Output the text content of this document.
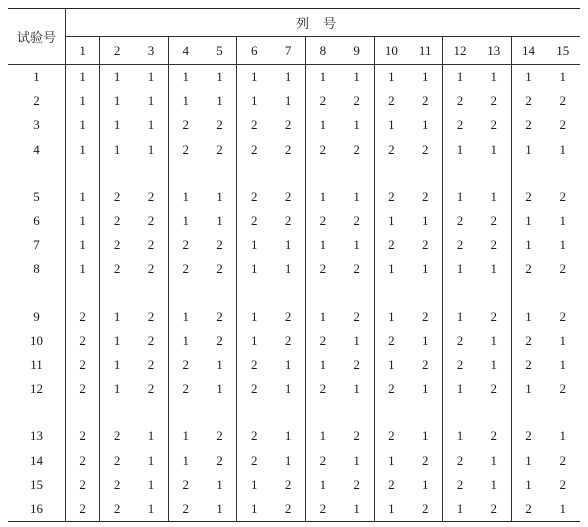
试验号	列号														
	1	2	3	4	5	6	7	8	9	10	11	12	13	14	15
1	1	1	1	1	1	1	1	1	1	1	1	1	1	1	1
2	1	1	1	1	1	1	1	2	2	2	2	2	2	2	2
3	1	1	1	2	2	2	2	1	1	1	1	2	2	2	2
4	1	1	1	2	2	2	2	2	2	2	2	1	1	1	1

5	1	2	2	1	1	2	2	1	1	2	2	1	1	2	2
6	1	2	2	1	1	2	2	2	2	1	1	2	2	1	1
7	1	2	2	2	2	1	1	1	1	2	2	2	2	1	1
8	1	2	2	2	2	1	1	2	2	1	1	1	1	2	2

9	2	1	2	1	2	1	2	1	2	1	2	1	2	1	2
10	2	1	2	1	2	1	2	2	1	2	1	2	1	2	1
11	2	1	2	2	1	2	1	1	2	1	2	2	1	2	1
12	2	1	2	2	1	2	1	2	1	2	1	1	2	1	2

13	2	2	1	1	2	2	1	1	2	2	1	1	2	2	1
14	2	2	1	1	2	2	1	2	1	1	2	2	1	1	2
15	2	2	1	2	1	1	2	1	2	2	1	2	1	1	2
16	2	2	1	2	1	1	2	2	1	1	2	1	2	2	1
